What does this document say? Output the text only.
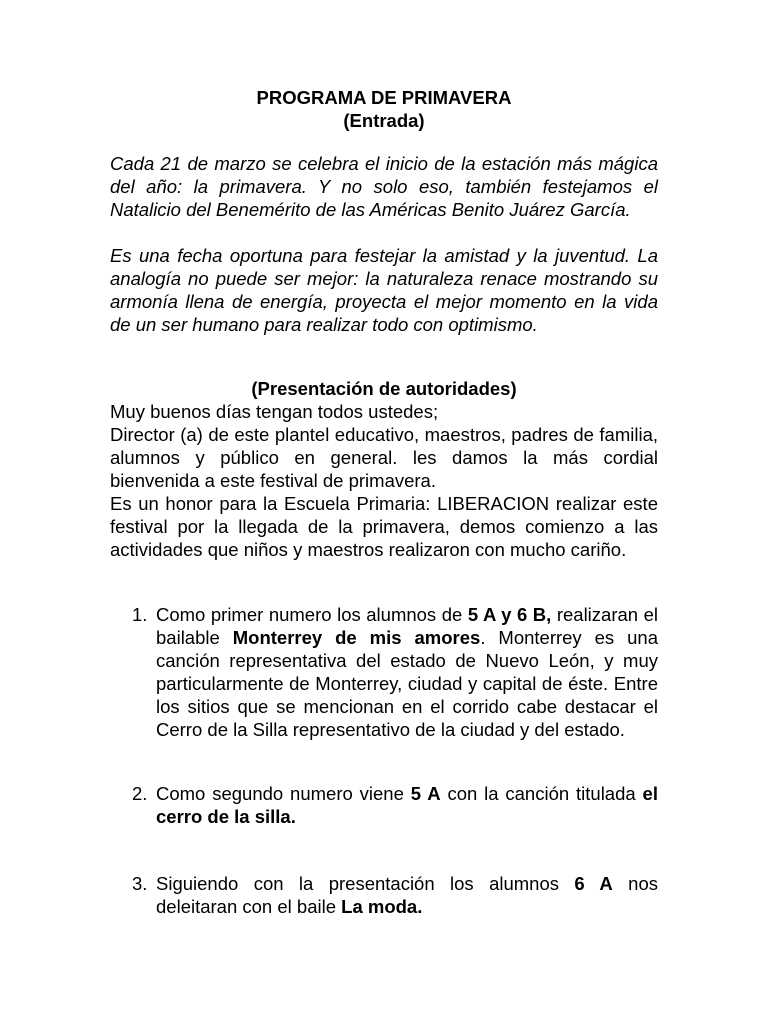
PROGRAMA DE PRIMAVERA

(Entrada)

Cada 21 de marzo se celebra el inicio de la estación más mágica del año: la primavera. Y no solo eso, también festejamos el Natalicio del Benemérito de las Américas Benito Juárez García.

Es una fecha oportuna para festejar la amistad y la juventud. La analogía no puede ser mejor: la naturaleza renace mostrando su armonía llena de energía, proyecta el mejor momento en la vida de un ser humano para realizar todo con optimismo.

(Presentación de autoridades)

Muy buenos días tengan todos ustedes;

Director (a) de este plantel educativo, maestros, padres de familia, alumnos y público en general. les damos la más cordial bienvenida a este festival de primavera.

Es un honor para la Escuela Primaria: LIBERACION realizar este festival por la llegada de la primavera, demos comienzo a las actividades que niños y maestros realizaron con mucho cariño.

1. Como primer numero los alumnos de 5 A y 6 B, realizaran el bailable Monterrey de mis amores. Monterrey es una canción representativa del estado de Nuevo León, y muy particularmente de Monterrey, ciudad y capital de éste. Entre los sitios que se mencionan en el corrido cabe destacar el Cerro de la Silla representativo de la ciudad y del estado.
2. Como segundo numero viene 5 A con la canción titulada el cerro de la silla.
3. Siguiendo con la presentación los alumnos 6 A nos deleitaran con el baile La moda.
